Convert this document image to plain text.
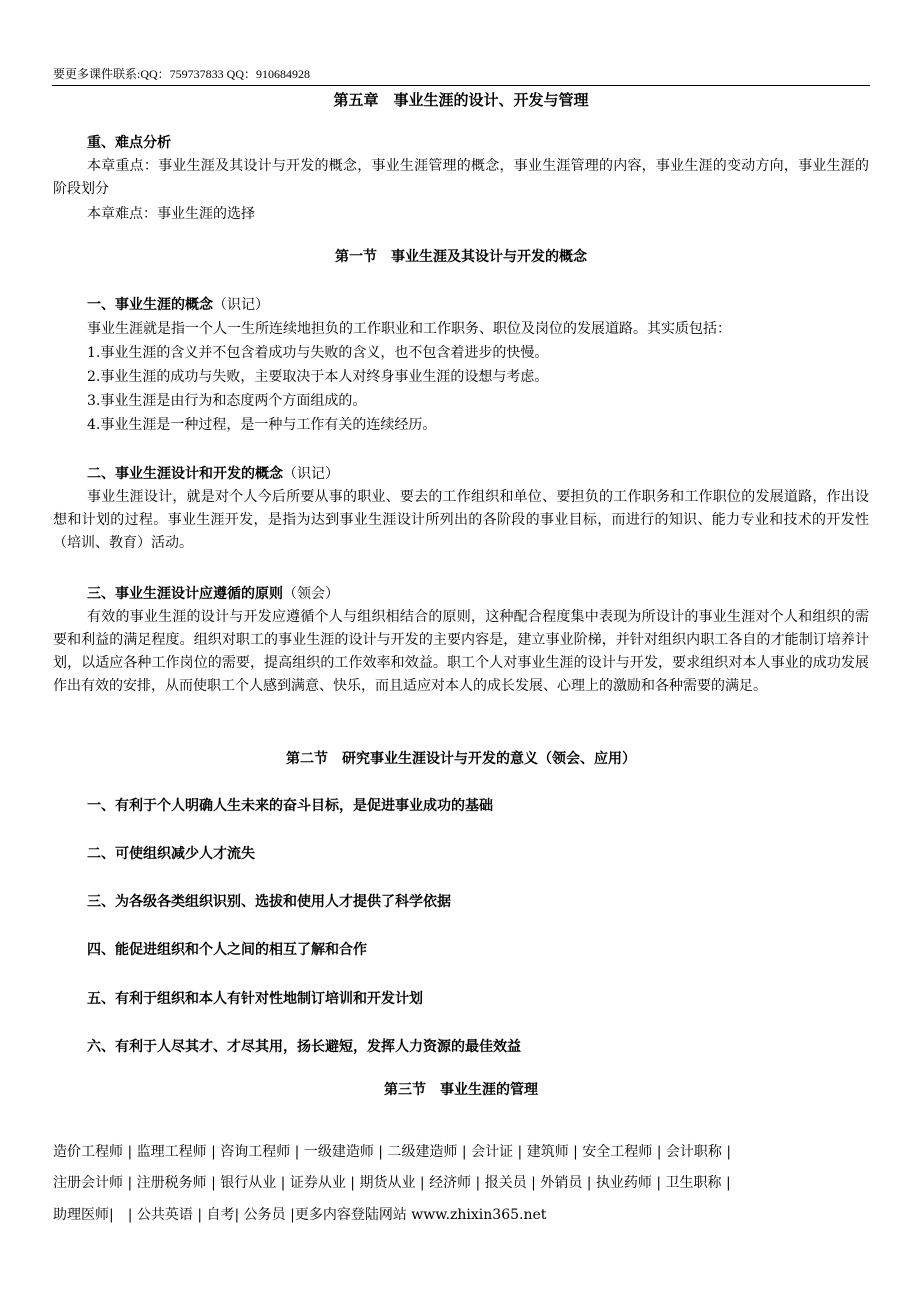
要更多课件联系:QQ：759737833 QQ：910684928
第五章　事业生涯的设计、开发与管理
重、难点分析
本章重点：事业生涯及其设计与开发的概念，事业生涯管理的概念，事业生涯管理的内容，事业生涯的变动方向，事业生涯的阶段划分
本章难点：事业生涯的选择
第一节　事业生涯及其设计与开发的概念
一、事业生涯的概念（识记）
事业生涯就是指一个人一生所连续地担负的工作职业和工作职务、职位及岗位的发展道路。其实质包括：
1.事业生涯的含义并不包含着成功与失败的含义，也不包含着进步的快慢。
2.事业生涯的成功与失败，主要取决于本人对终身事业生涯的设想与考虑。
3.事业生涯是由行为和态度两个方面组成的。
4.事业生涯是一种过程，是一种与工作有关的连续经历。
二、事业生涯设计和开发的概念（识记）
事业生涯设计，就是对个人今后所要从事的职业、要去的工作组织和单位、要担负的工作职务和工作职位的发展道路，作出设想和计划的过程。事业生涯开发，是指为达到事业生涯设计所列出的各阶段的事业目标，而进行的知识、能力专业和技术的开发性（培训、教育）活动。
三、事业生涯设计应遵循的原则（领会）
有效的事业生涯的设计与开发应遵循个人与组织相结合的原则，这种配合程度集中表现为所设计的事业生涯对个人和组织的需要和利益的满足程度。组织对职工的事业生涯的设计与开发的主要内容是，建立事业阶梯，并针对组织内职工各自的才能制订培养计划，以适应各种工作岗位的需要，提高组织的工作效率和效益。职工个人对事业生涯的设计与开发，要求组织对本人事业的成功发展作出有效的安排，从而使职工个人感到满意、快乐，而且适应对本人的成长发展、心理上的激励和各种需要的满足。
第二节　研究事业生涯设计与开发的意义（领会、应用）
一、有利于个人明确人生未来的奋斗目标，是促进事业成功的基础
二、可使组织减少人才流失
三、为各级各类组织识别、选拔和使用人才提供了科学依据
四、能促进组织和个人之间的相互了解和合作
五、有利于组织和本人有针对性地制订培训和开发计划
六、有利于人尽其才、才尽其用，扬长避短，发挥人力资源的最佳效益
第三节　事业生涯的管理
造价工程师 | 监理工程师 | 咨询工程师 | 一级建造师 | 二级建造师 | 会计证 | 建筑师 | 安全工程师 | 会计职称 |
注册会计师 | 注册税务师 | 银行从业 | 证券从业 | 期货从业 | 经济师 | 报关员 | 外销员 | 执业药师 | 卫生职称 |
助理医师|　| 公共英语 | 自考| 公务员 |更多内容登陆网站 www.zhixin365.net
